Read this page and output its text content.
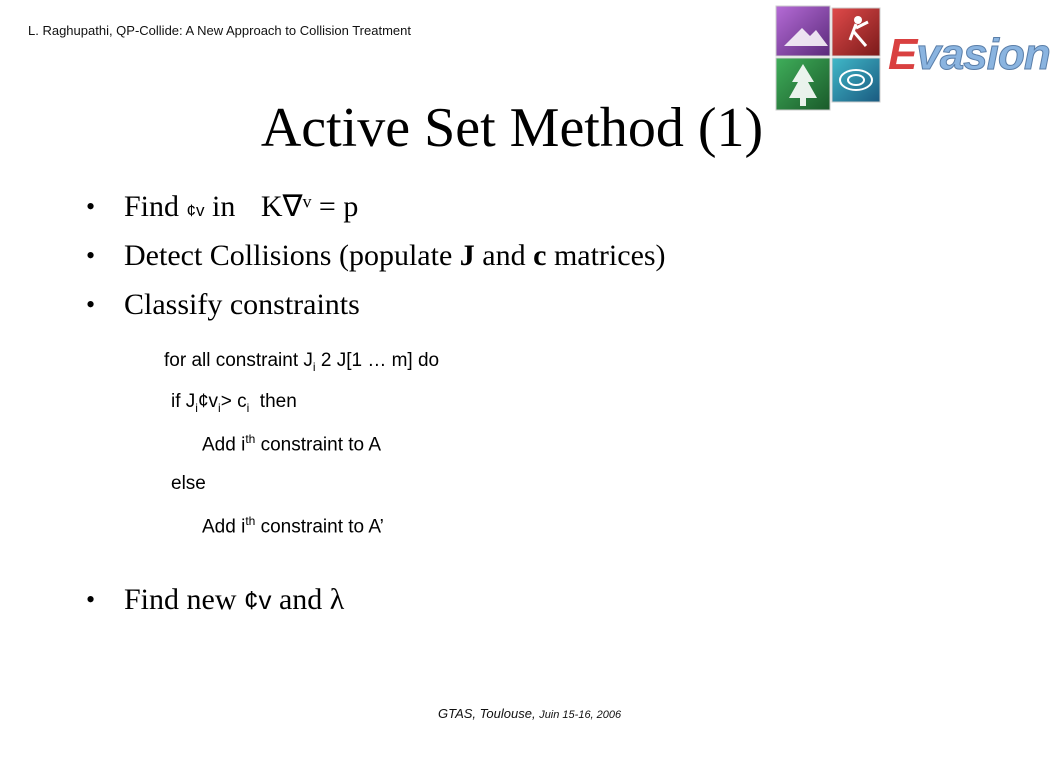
L. Raghupathi, QP-Collide: A New Approach to Collision Treatment	Evasion
Active Set Method (1)
• Find ¢v in K∇ᵛ = p
• Detect Collisions (populate J and c matrices)
• Classify constraints
for all constraint $J_i$ 2 J[1 … m] do
if $J_i¢v_i> c_i$  then
Add $i^{th}$ constraint to A
else
Add $i^{th}$ constraint to A’
• Find new ¢v and λ
GTAS, Toulouse, Juin 15-16, 2006
